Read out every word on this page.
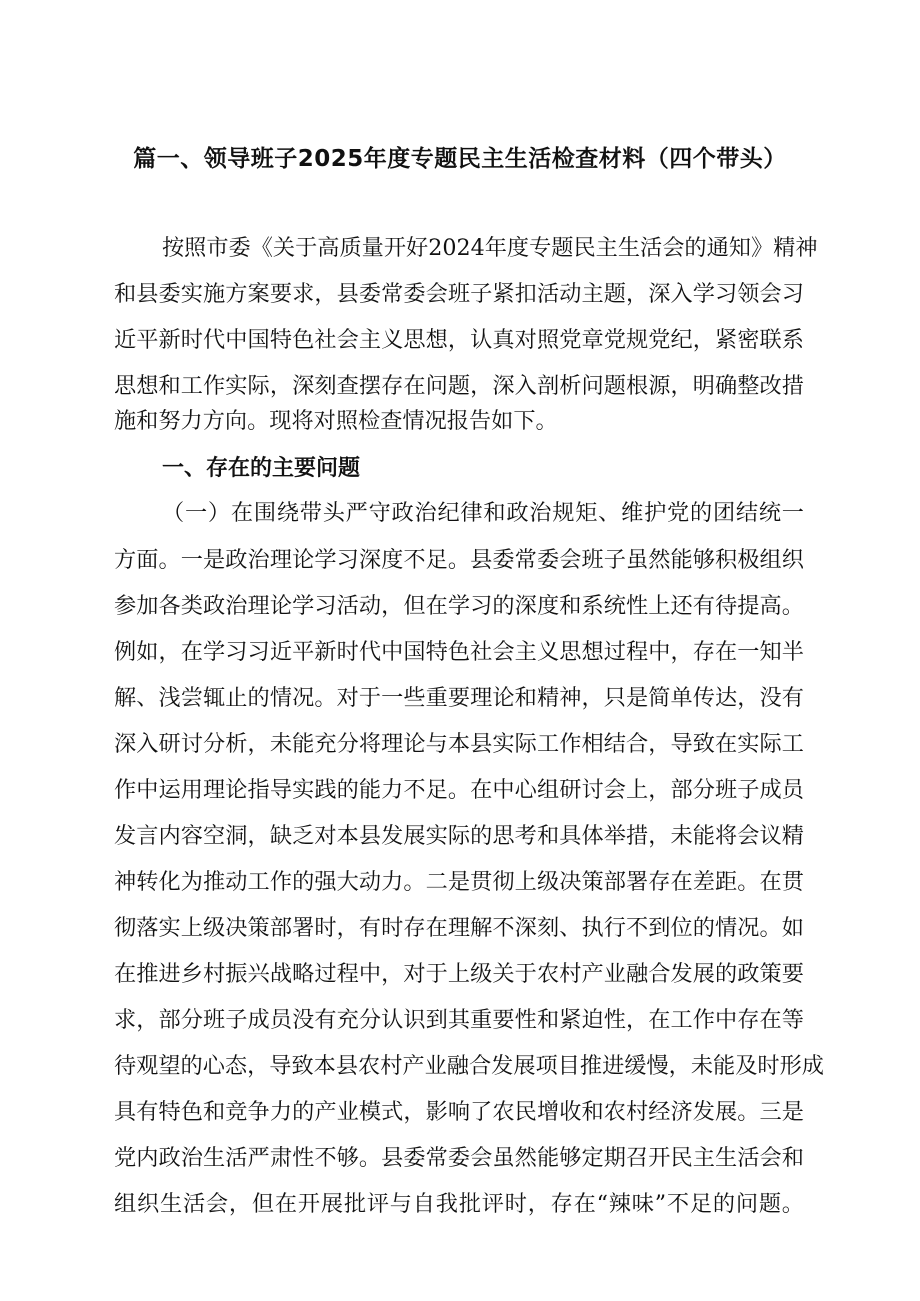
篇一、领导班子2025年度专题民主生活检查材料（四个带头）
按照市委《关于高质量开好2024年度专题民主生活会的通知》精神
和县委实施方案要求，县委常委会班子紧扣活动主题，深入学习领会习
近平新时代中国特色社会主义思想，认真对照党章党规党纪，紧密联系
思想和工作实际，深刻查摆存在问题，深入剖析问题根源，明确整改措
施和努力方向。现将对照检查情况报告如下。
一、存在的主要问题
（一）在围绕带头严守政治纪律和政治规矩、维护党的团结统一
方面。一是政治理论学习深度不足。县委常委会班子虽然能够积极组织
参加各类政治理论学习活动，但在学习的深度和系统性上还有待提高。
例如，在学习习近平新时代中国特色社会主义思想过程中，存在一知半
解、浅尝辄止的情况。对于一些重要理论和精神，只是简单传达，没有
深入研讨分析，未能充分将理论与本县实际工作相结合，导致在实际工
作中运用理论指导实践的能力不足。在中心组研讨会上，部分班子成员
发言内容空洞，缺乏对本县发展实际的思考和具体举措，未能将会议精
神转化为推动工作的强大动力。二是贯彻上级决策部署存在差距。在贯
彻落实上级决策部署时，有时存在理解不深刻、执行不到位的情况。如
在推进乡村振兴战略过程中，对于上级关于农村产业融合发展的政策要
求，部分班子成员没有充分认识到其重要性和紧迫性，在工作中存在等
待观望的心态，导致本县农村产业融合发展项目推进缓慢，未能及时形成
具有特色和竞争力的产业模式，影响了农民增收和农村经济发展。三是
党内政治生活严肃性不够。县委常委会虽然能够定期召开民主生活会和
组织生活会，但在开展批评与自我批评时，存在“辣味”不足的问题。
